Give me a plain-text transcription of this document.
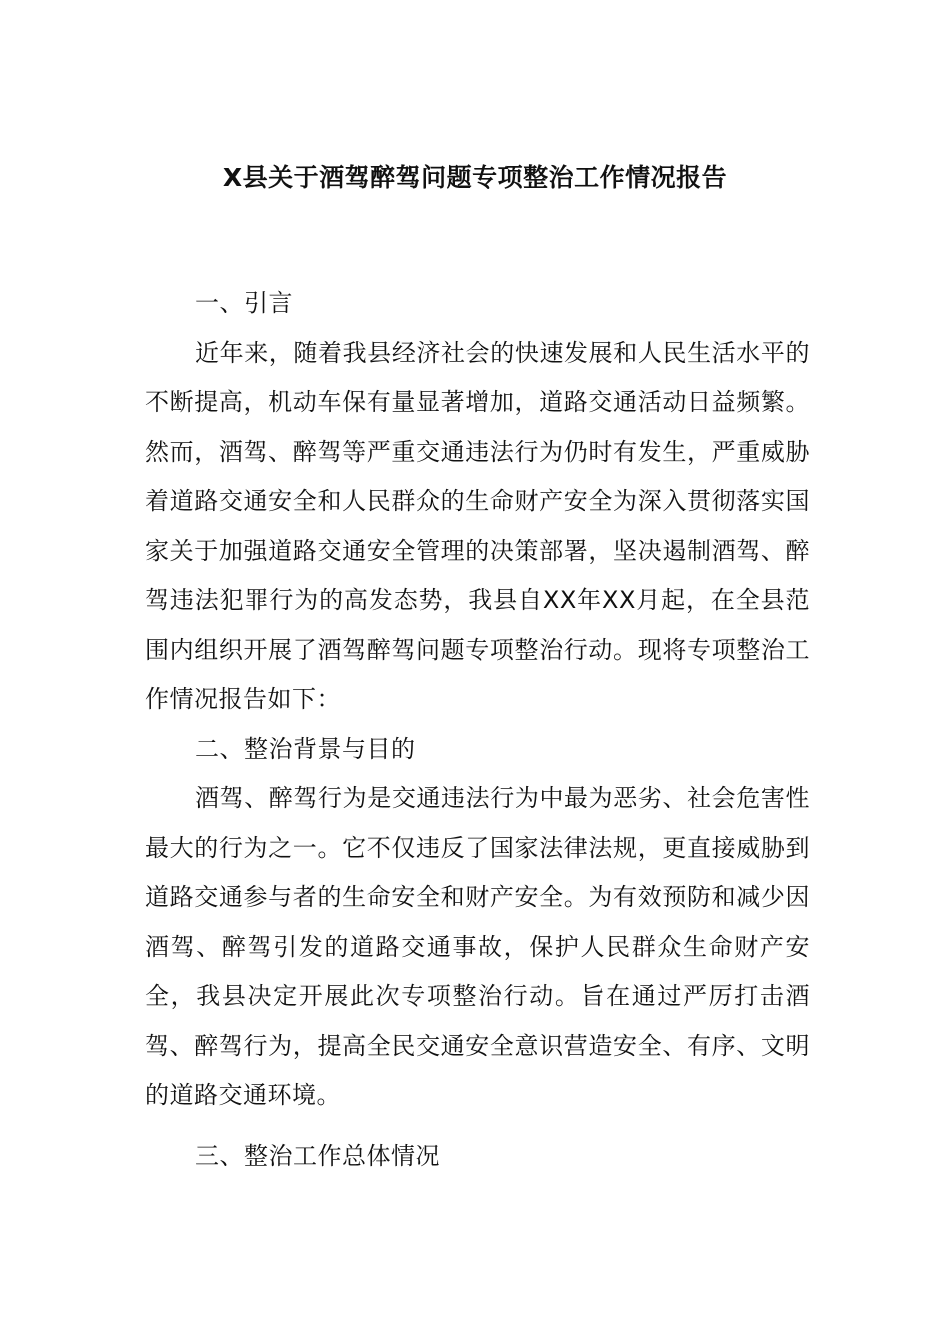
X县关于酒驾醉驾问题专项整治工作情况报告

一、引言

近年来，随着我县经济社会的快速发展和人民生活水平的不断提高，机动车保有量显著增加，道路交通活动日益频繁。然而，酒驾、醉驾等严重交通违法行为仍时有发生，严重威胁着道路交通安全和人民群众的生命财产安全为深入贯彻落实国家关于加强道路交通安全管理的决策部署，坚决遏制酒驾、醉驾违法犯罪行为的高发态势，我县自XX年XX月起，在全县范围内组织开展了酒驾醉驾问题专项整治行动。现将专项整治工作情况报告如下：

二、整治背景与目的

酒驾、醉驾行为是交通违法行为中最为恶劣、社会危害性最大的行为之一。它不仅违反了国家法律法规，更直接威胁到道路交通参与者的生命安全和财产安全。为有效预防和减少因酒驾、醉驾引发的道路交通事故，保护人民群众生命财产安全，我县决定开展此次专项整治行动。旨在通过严厉打击酒驾、醉驾行为，提高全民交通安全意识营造安全、有序、文明的道路交通环境。

三、整治工作总体情况
